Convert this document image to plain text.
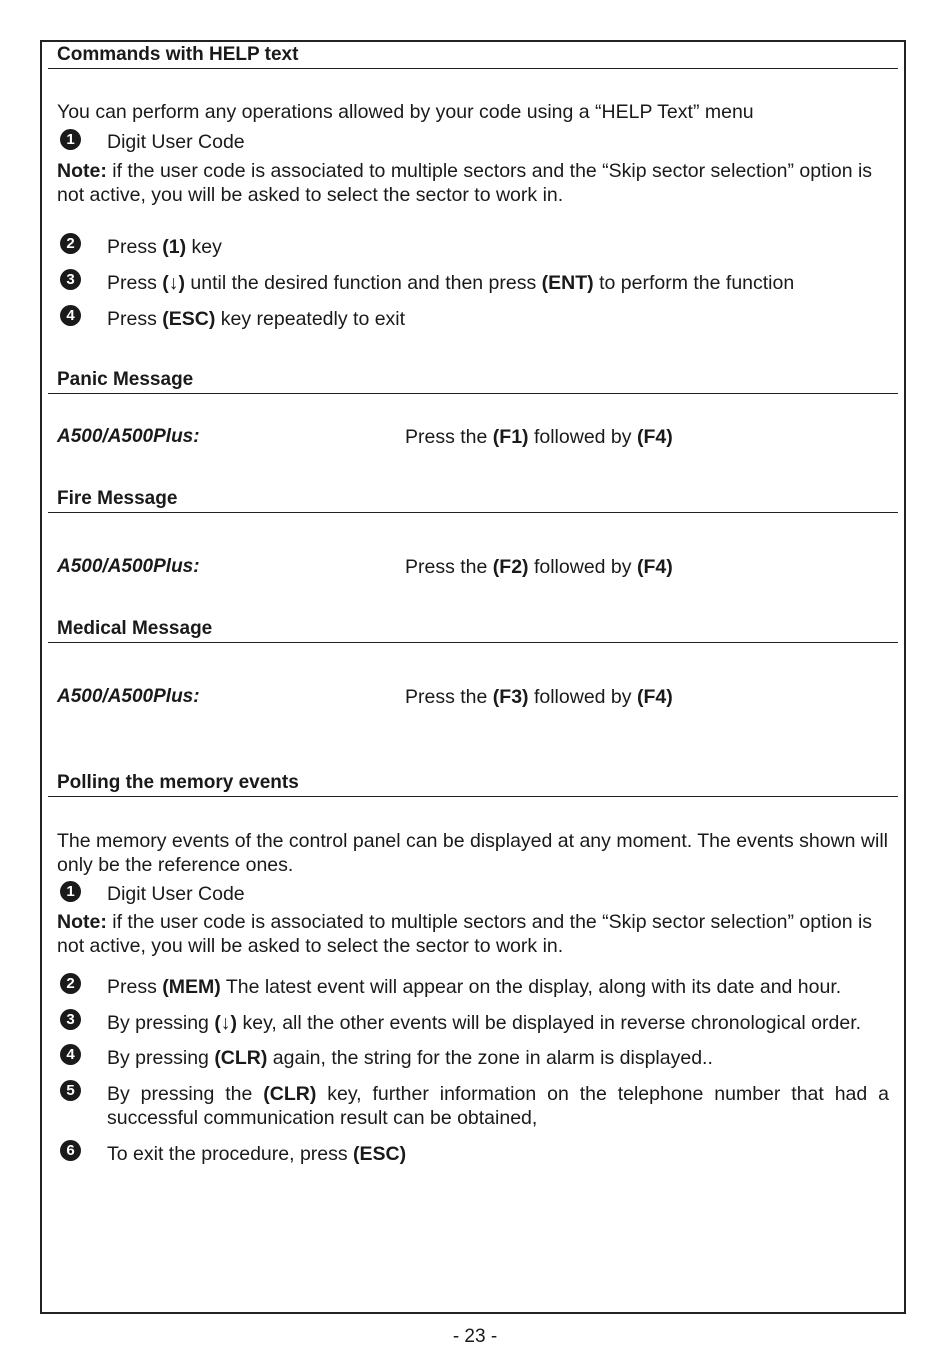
Commands with HELP text
You can perform any operations allowed by your code using a “HELP Text” menu
1	Digit User Code
Note: if the user code is associated to multiple sectors and the “Skip sector selection” option is not active, you will be asked to select the sector to work in.
2	Press (1) key
3	Press (↓) until the desired function and then press (ENT) to perform the function
4	Press (ESC) key repeatedly to exit
Panic Message
A500/A500Plus:	Press the (F1) followed by (F4)
Fire Message
A500/A500Plus:	Press the (F2) followed by (F4)
Medical Message
A500/A500Plus:	Press the (F3) followed by (F4)
Polling the memory events
The memory events of the control panel can be displayed at any moment. The events shown will only be the reference ones.
1	Digit User Code
Note: if the user code is associated to multiple sectors and the “Skip sector selection” option is not active, you will be asked to select the sector to work in.
2	Press (MEM) The latest event will appear on the display, along with its date and hour.
3	By pressing (↓) key, all the other events will be displayed in reverse chronological order.
4	By pressing (CLR) again, the string for the zone in alarm is displayed..
5	By pressing the (CLR) key, further information on the telephone number that had a successful communication result can be obtained,
6	To exit the procedure, press (ESC)
- 23 -
